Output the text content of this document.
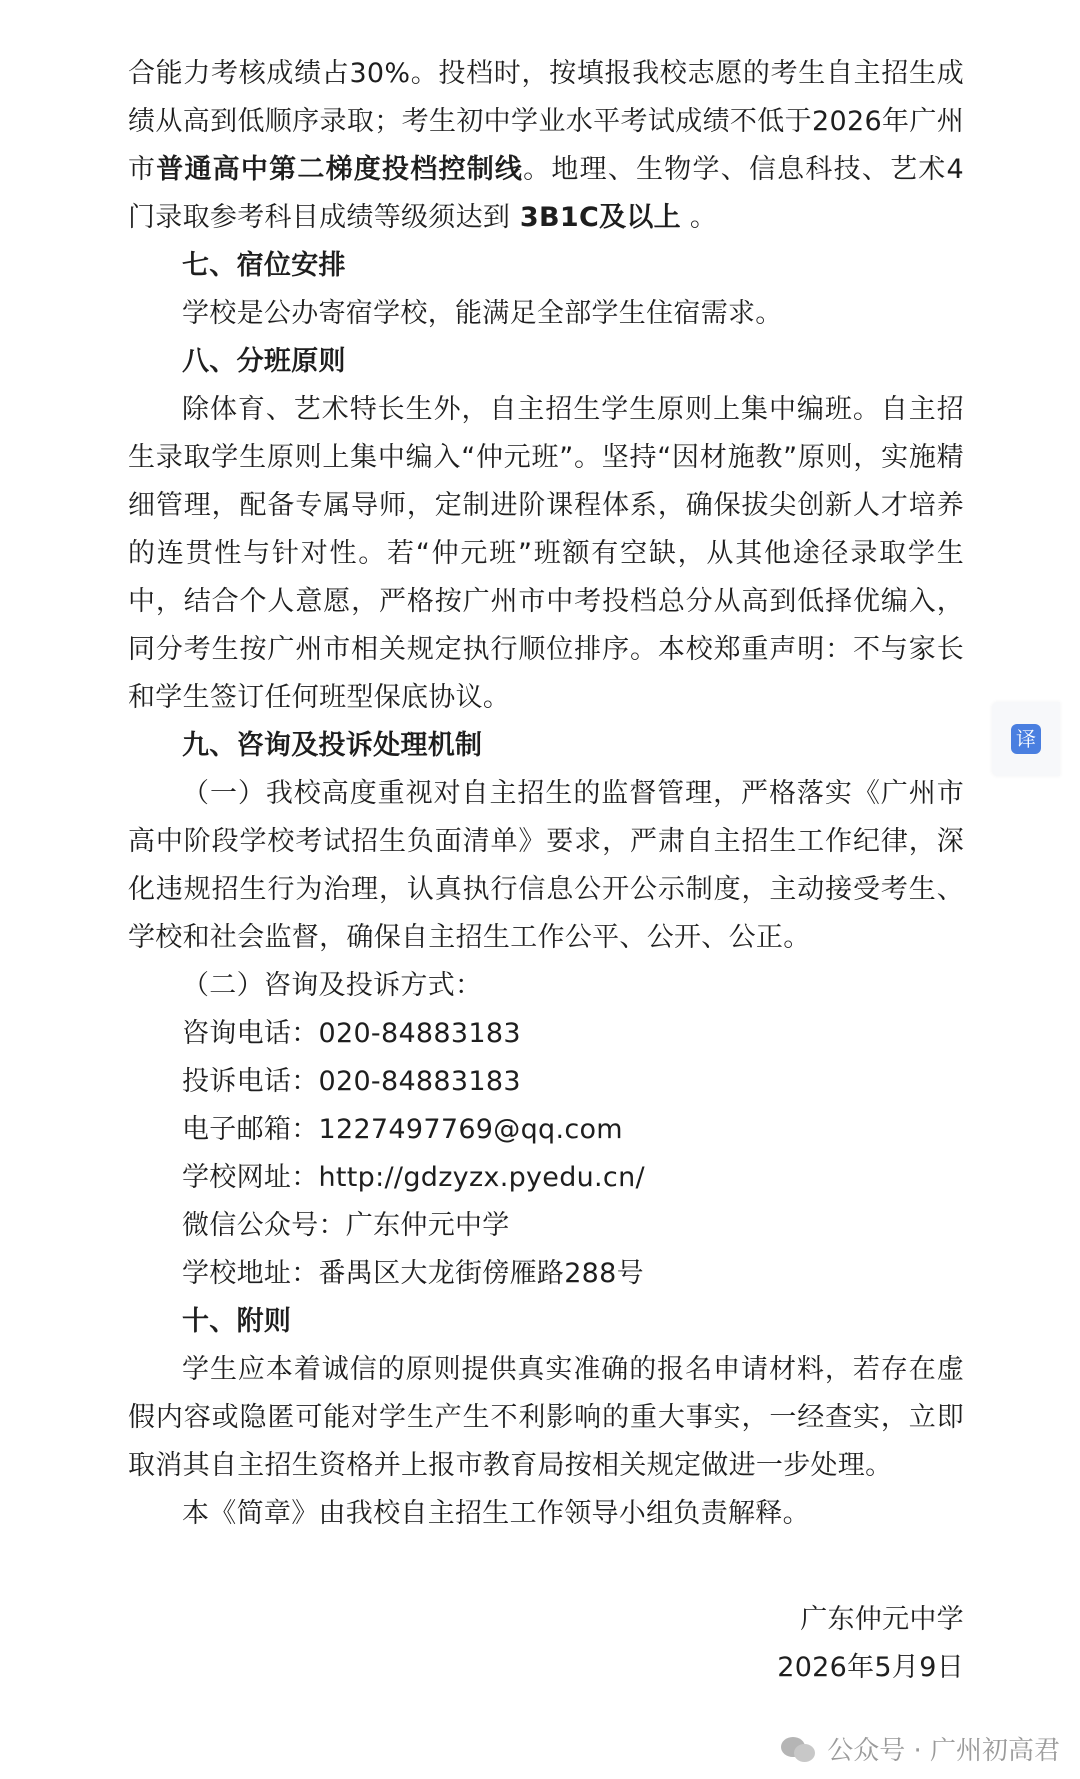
合能力考核成绩占30%。投档时，按填报我校志愿的考生自主招生成绩从高到低顺序录取；考生初中学业水平考试成绩不低于2026年广州市普通高中第二梯度投档控制线。地理、生物学、信息科技、艺术4门录取参考科目成绩等级须达到 3B1C及以上 。

七、宿位安排

学校是公办寄宿学校，能满足全部学生住宿需求。

八、分班原则

除体育、艺术特长生外，自主招生学生原则上集中编班。自主招生录取学生原则上集中编入“仲元班”。坚持“因材施教”原则，实施精细管理，配备专属导师，定制进阶课程体系，确保拔尖创新人才培养的连贯性与针对性。若“仲元班”班额有空缺，从其他途径录取学生中，结合个人意愿，严格按广州市中考投档总分从高到低择优编入，同分考生按广州市相关规定执行顺位排序。本校郑重声明：不与家长和学生签订任何班型保底协议。

九、咨询及投诉处理机制

（一）我校高度重视对自主招生的监督管理，严格落实《广州市高中阶段学校考试招生负面清单》要求，严肃自主招生工作纪律，深化违规招生行为治理，认真执行信息公开公示制度，主动接受考生、学校和社会监督，确保自主招生工作公平、公开、公正。

（二）咨询及投诉方式：

咨询电话：020-84883183

投诉电话：020-84883183

电子邮箱：1227497769@qq.com

学校网址：http://gdzyzx.pyedu.cn/

微信公众号：广东仲元中学

学校地址：番禺区大龙街傍雁路288号

十、附则

学生应本着诚信的原则提供真实准确的报名申请材料，若存在虚假内容或隐匿可能对学生产生不利影响的重大事实，一经查实，立即取消其自主招生资格并上报市教育局按相关规定做进一步处理。

本《简章》由我校自主招生工作领导小组负责解释。

广东仲元中学

2026年5月9日

译
公众号 · 广州初高君
